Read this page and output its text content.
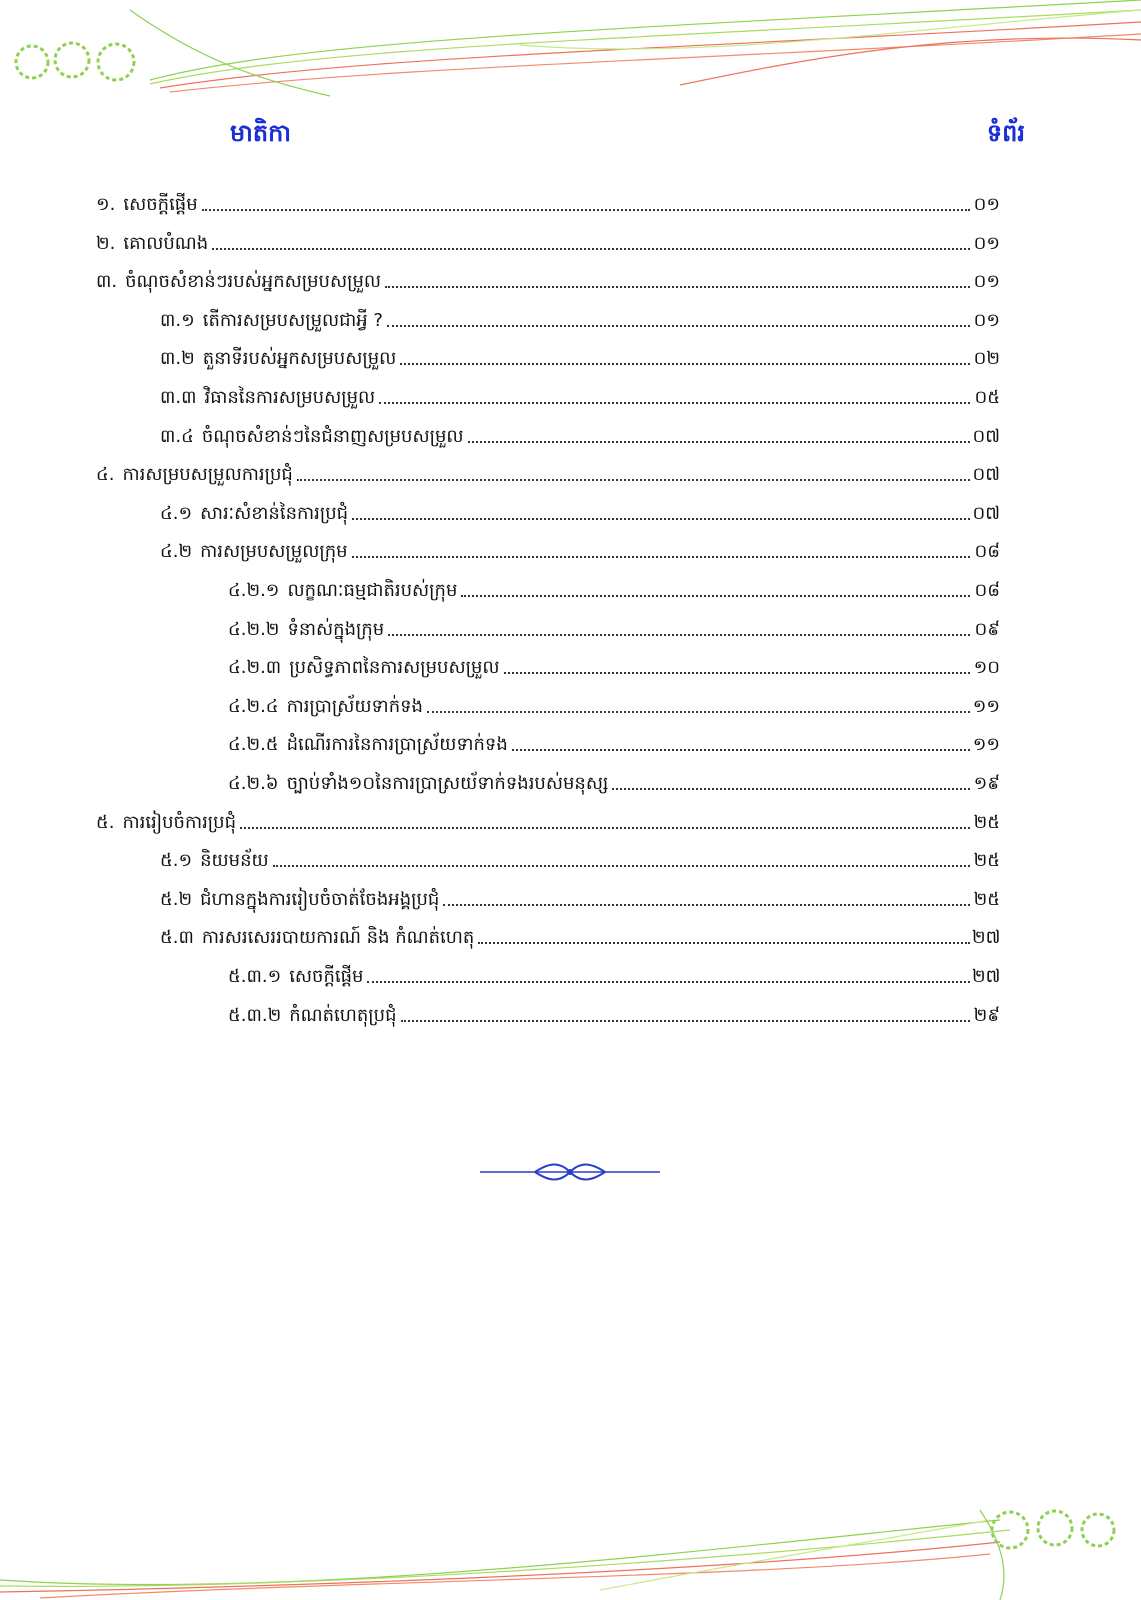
មាតិកា	ទំព័រ
១. សេចក្តីផ្តើម	០១
២. គោលបំណង	០១
៣. ចំណុចសំខាន់ៗរបស់អ្នកសម្របសម្រួល	០១
៣.១ តើការសម្របសម្រួលជាអ្វី ?	០១
៣.២ តួនាទីរបស់អ្នកសម្របសម្រួល	០២
៣.៣ វិធាននៃការសម្របសម្រួល	០៥
៣.៤ ចំណុចសំខាន់ៗនៃជំនាញសម្របសម្រួល	០៧
៤. ការសម្របសម្រួលការប្រជុំ	០៧
៤.១ សារៈសំខាន់នៃការប្រជុំ	០៧
៤.២ ការសម្របសម្រួលក្រុម	០៨
៤.២.១ លក្ខណៈធម្មជាតិរបស់ក្រុម	០៨
៤.២.២ ទំនាស់ក្នុងក្រុម	០៩
៤.២.៣ ប្រសិទ្ធភាពនៃការសម្របសម្រួល	១០
៤.២.៤ ការប្រាស្រ័យទាក់ទង	១១
៤.២.៥ ដំណើរការនៃការប្រាស្រ័យទាក់ទង	១១
៤.២.៦ ច្បាប់ទាំង១០នៃការប្រាស្រយ័ទាក់ទងរបស់មនុស្ស	១៩
៥. ការរៀបចំការប្រជុំ	២៥
៥.១ និយមន័យ	២៥
៥.២ ជំហានក្នុងការរៀបចំចាត់ចែងអង្គប្រជុំ	២៥
៥.៣ ការសរសេររបាយការណ៍ និង កំណត់ហេតុ	២៧
៥.៣.១ សេចក្តីផ្តើម	២៧
៥.៣.២ កំណត់ហេតុប្រជុំ	២៩
